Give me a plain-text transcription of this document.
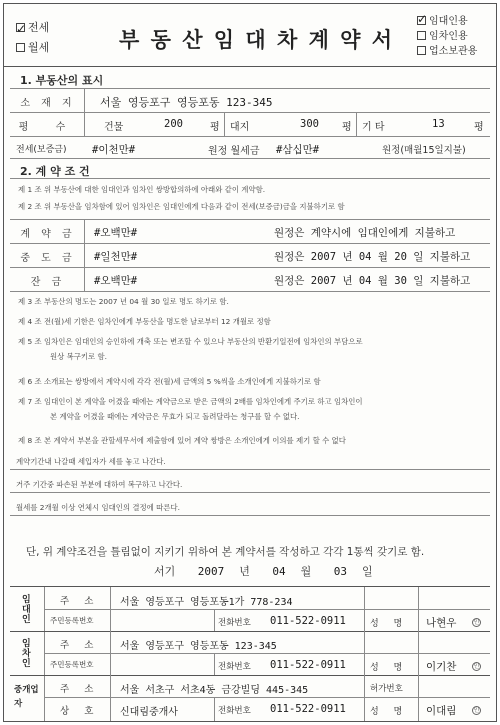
✓전세
월세	부 동 산 임 대 차 계 약 서
✓임대인용
임차인용
업소보관용
1. 부동산의 표시
소 재 지	서울 영등포구 영등포동 123-345
평 수	건물	200	평 대지	300 평 기 타	13	평
전세(보증금) #이천만#	원정 월세금 #삼십만#	원정(매월15일지불)
2. 계 약 조 건
제 1 조 위 부동산에 대한 임대인과 임차인 쌍방합의하에 아래와 같이 계약함.
제 2 조 위 부동산을 임차함에 있어 임차인은 임대인에게 다음과 같이 전세(보증금)금을 지불하기로 함
계 약 금	#오백만#	원정은 계약시에 임대인에게 지불하고
중 도 금	#일천만#	원정은 2007 년 04 월 20 일 지불하고
잔 금	#오백만#	원정은 2007 년 04 월 30 일 지불하고
제 3 조 부동산의 명도는 2007 년 04 월 30 일로 명도 하기로 함.
제 4 조 전(월)세 기한은 임차인에게 부동산을 명도한 날로부터 12 개월로 정함
제 5 조 임차인은 임대인의 승인하에 개축 또는 변조할 수 있으나 부동산의 반환기일전에 임차인의 부담으로
원상 복구키로 함.
제 6 조 소개료는 쌍방에서 계약시에 각각 전(월)세 금액의 5 %씩을 소개인에게 지불하기로 함
제 7 조 임대인이 본 계약을 어겼을 때에는 계약금으로 받은 금액의 2배를 임차인에게 주기로 하고 임차인이
본 계약을 어겼을 때에는 계약금은 무효가 되고 돌려달라는 청구를 할 수 없다.
제 8 조 본 계약서 부본을 관할세무서에 제출함에 있어 계약 쌍방은 소개인에게 이의를 제기 할 수 없다
계약기간내 나갈때 세입자가 세를 놓고 나간다.
거주 기간중 파손된 부분에 대하여 복구하고 나간다.
월세를 2개월 이상 연체시 임대인의 결정에 따른다.
단, 위 계약조건을 틀림없이 지키기 위하여 본 계약서를 작성하고 각각 1통씩 갖기로 함.
서기 2007 년 04 월 03 일
임대인
주 소 서울 영등포구 영등포동1가 778-234
주민등록번호	전화번호 011-522-0911	성 명 나현우	인
임차인
주 소 서울 영등포구 영등포동 123-345
주민등록번호	전화번호 011-522-0911	성 명 이기찬	인
중개업자
주 소 서울 서초구 서초4동 금강빌딩 445-345	허가번호
상 호 신대림중개사	전화번호 011-522-0911	성 명 이대림	인
